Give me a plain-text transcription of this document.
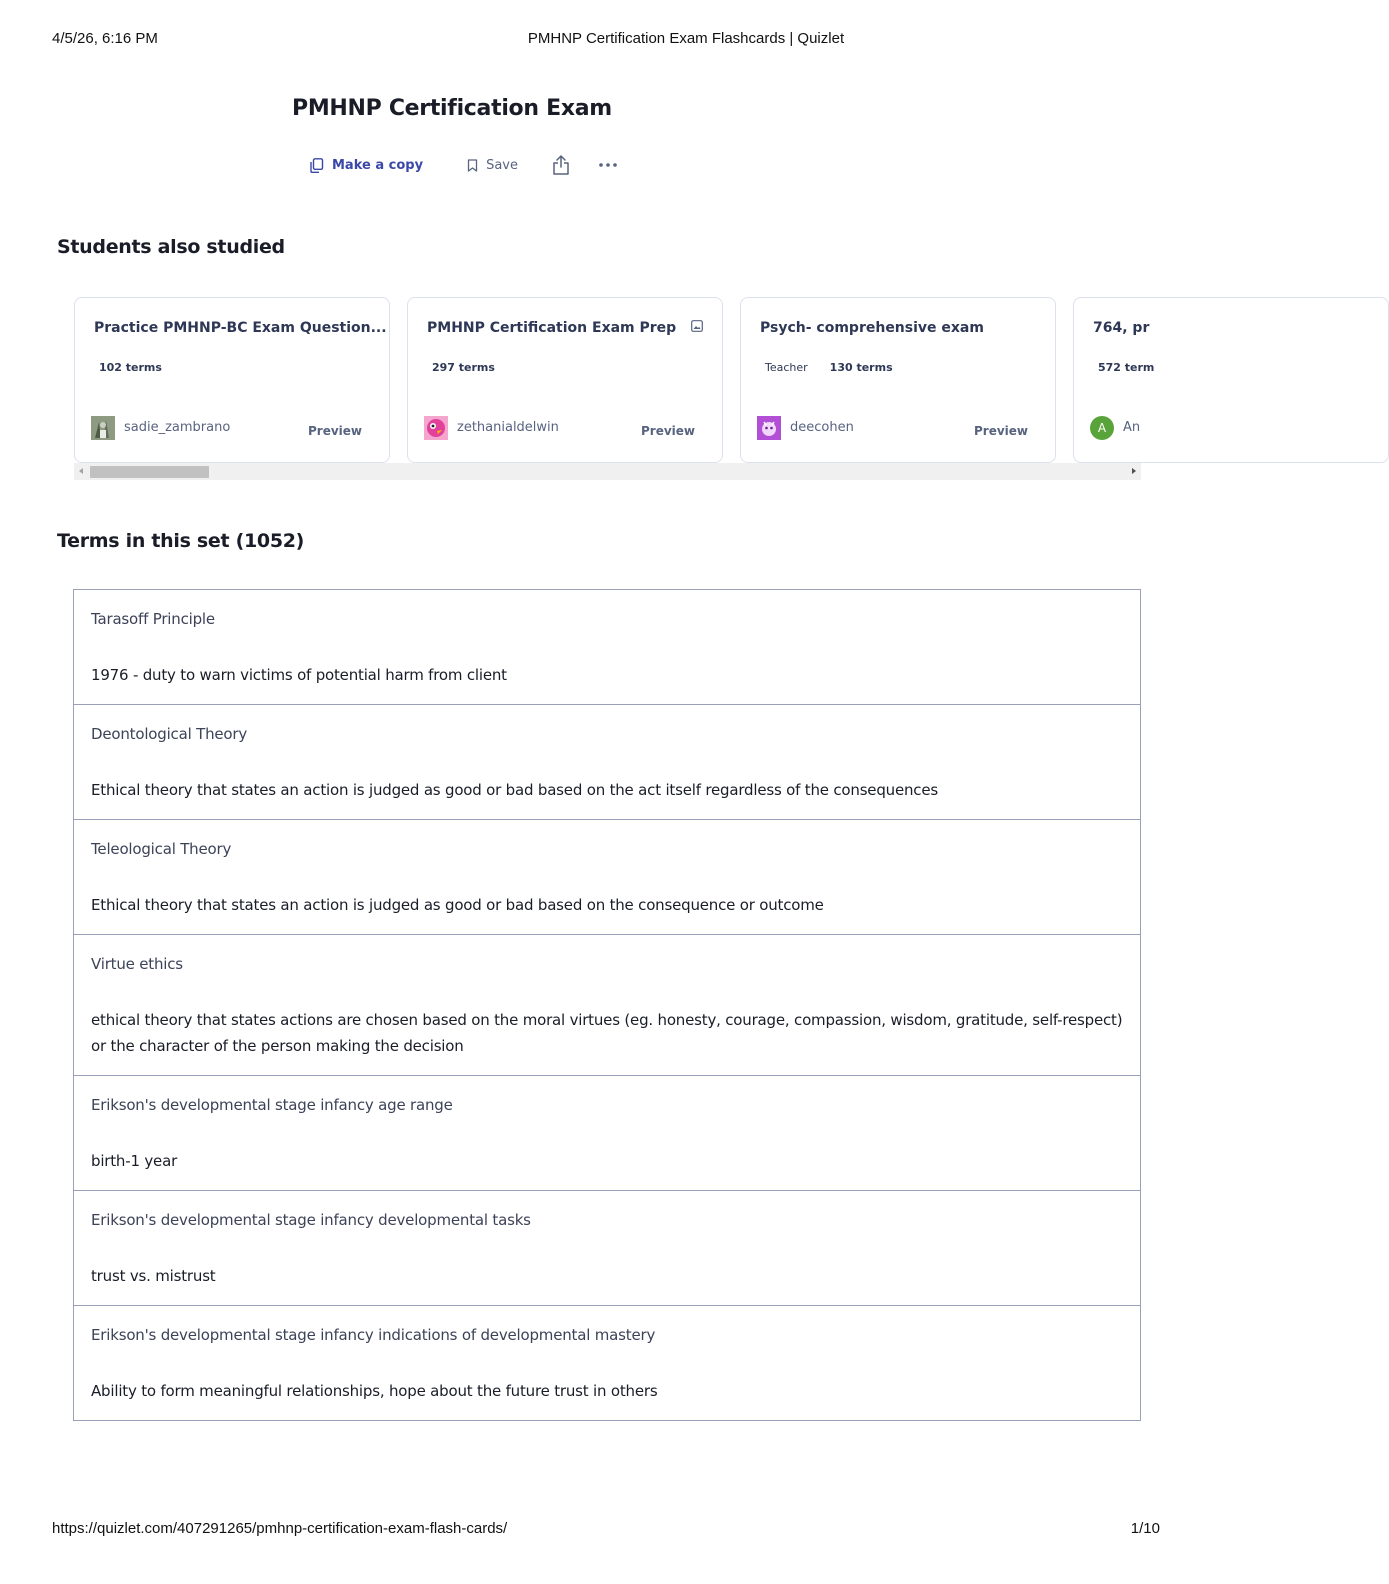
4/5/26, 6:16 PM	PMHNP Certification Exam Flashcards | Quizlet
PMHNP Certification Exam
Make a copy	Save
Students also studied
Practice PMHNP-BC Exam Question...
102 terms
sadie_zambrano	Preview
PMHNP Certification Exam Prep
297 terms
zethanialdelwin	Preview
Psych- comprehensive exam
Teacher 130 terms
deecohen	Preview
764, pr
572 term
A	An
Terms in this set (1052)
Tarasoff Principle
1976 - duty to warn victims of potential harm from client
Deontological Theory
Ethical theory that states an action is judged as good or bad based on the act itself regardless of the consequences
Teleological Theory
Ethical theory that states an action is judged as good or bad based on the consequence or outcome
Virtue ethics
ethical theory that states actions are chosen based on the moral virtues (eg. honesty, courage, compassion, wisdom, gratitude, self-respect) or the character of the person making the decision
Erikson's developmental stage infancy age range
birth-1 year
Erikson's developmental stage infancy developmental tasks
trust vs. mistrust
Erikson's developmental stage infancy indications of developmental mastery
Ability to form meaningful relationships, hope about the future trust in others
https://quizlet.com/407291265/pmhnp-certification-exam-flash-cards/	1/10
